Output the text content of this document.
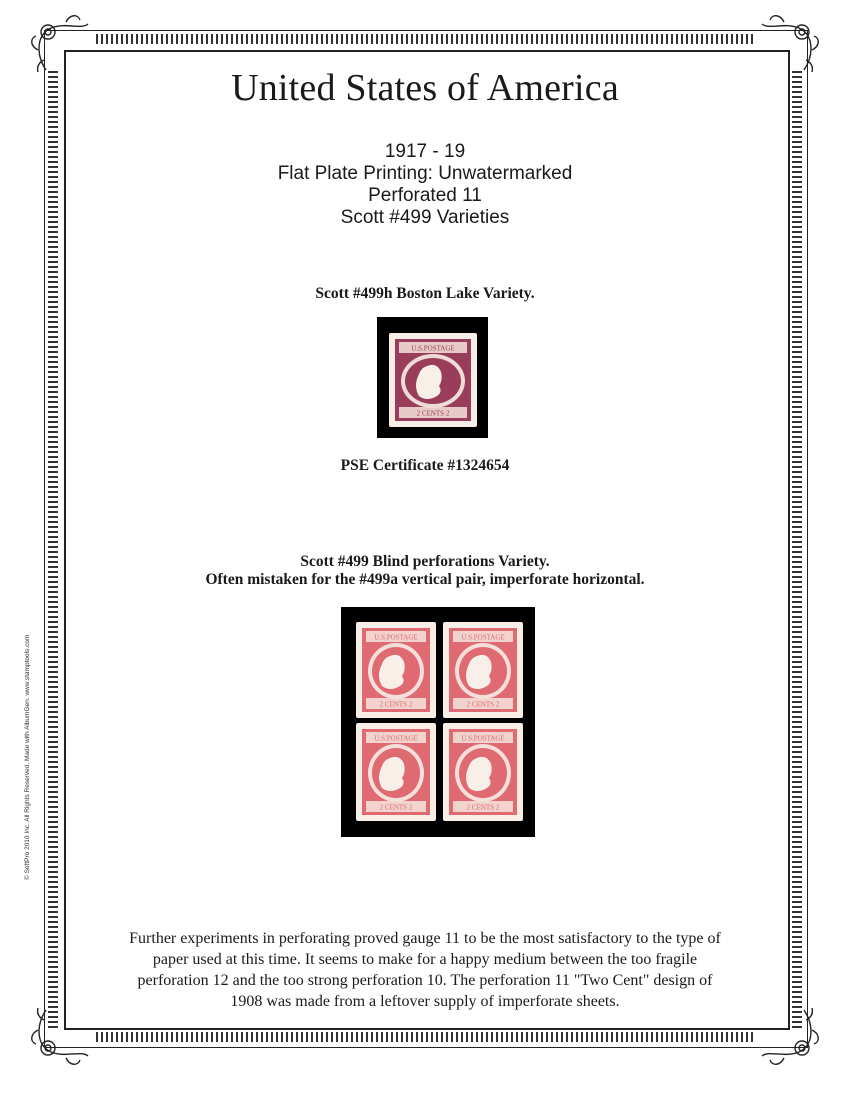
United States of America
1917 - 19
Flat Plate Printing: Unwatermarked
Perforated 11
Scott #499 Varieties
Scott #499h Boston Lake Variety.
U.S.POSTAGE
2 CENTS 2
PSE Certificate #1324654
Scott #499 Blind perforations Variety.
Often mistaken for the #499a vertical pair, imperforate horizontal.
U.S.POSTAGE
2 CENTS 2
U.S.POSTAGE
2 CENTS 2
U.S.POSTAGE
2 CENTS 2
U.S.POSTAGE
2 CENTS 2
Further experiments in perforating proved gauge 11 to be the most satisfactory to the type of paper used at this time. It seems to make for a happy medium between the too fragile perforation 12 and the too strong perforation 10. The perforation 11 "Two Cent" design of 1908 was made from a leftover supply of imperforate sheets.
© SoftPro 2010 Inc. All Rights Reserved. Made with AlbumGen. www.stamptools.com
